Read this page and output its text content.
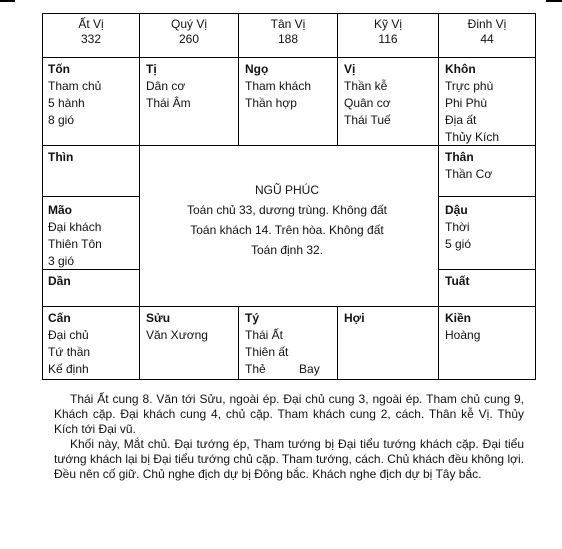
Ất Vị
332
Quý Vị
260
Tân Vị
188
Kỹ Vị
116
Đinh Vị
44
Tốn
Tham chủ
5 hành
8 gió
Tị
Dân cơ
Thái Âm
Ngọ
Tham khách
Thần hợp
Vị
Thần kễ
Quân cơ
Thái Tuế
Khôn
Trực phù
Phi Phù
Địa ất
Thủy Kích
Thìn
Mão
Đại khách
Thiên Tôn
3 gió
Dần
Thân
Thần Cơ
Dậu
Thời
5 gió
Tuất
NGŨ PHÚC
Toán chủ 33, dương trùng. Không đất
Toán khách 14. Trên hòa. Không đất
Toán định 32.
Cấn
Đại chủ
Tứ thần
Kế định
Sửu
Văn Xương
Tý
Thái Ất
Thiên ất
Thẻ          Bay
Hợi	Kiền
Hoàng

Thái Ất cung 8. Văn tới Sửu, ngoài ép. Đại chủ cung 3, ngoài ép. Tham chủ cung 9, Khách cặp. Đại khách cung 4, chủ cặp. Tham khách cung 2, cách. Thân kễ Vị. Thủy Kích tới Đại vũ.

Khối này, Mắt chủ. Đại tướng ép, Tham tướng bị Đại tiểu tướng khách cặp. Đại tiểu tướng khách lại bị Đại tiểu tướng chủ cặp. Tham tướng, cách. Chủ khách đều không lợi. Đều nên cố giữ. Chủ nghe địch dự bị Đông bắc. Khách nghe địch dự bị Tây bắc.
